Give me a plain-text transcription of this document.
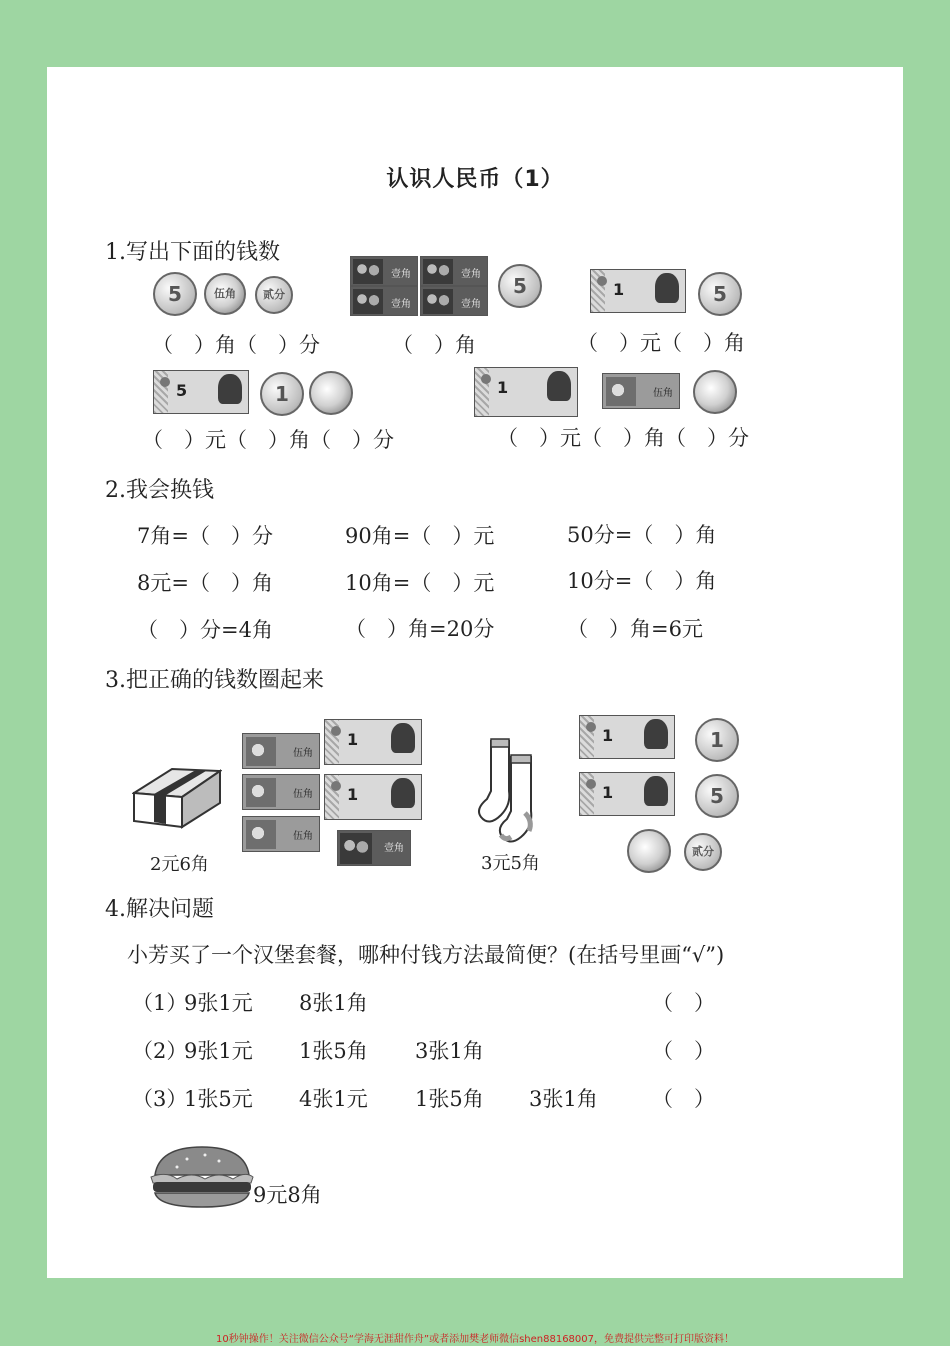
认识人民币（1）
1.写出下面的钱数
5	伍角	贰分
壹角	壹角
壹角	壹角
5	1	5
（　）角（　）分	（　）角	（　）元（　）角
5	1	1	伍角
（　）元（　）角（　）分	（　）元（　）角（　）分
2.我会换钱
7角=（　）分	90角=（　）元	50分=（　）角
8元=（　）角	10角=（　）元	10分=（　）角
（　）分=4角	（　）角=20分	（　）角=6元
3.把正确的钱数圈起来
2元6角
伍角
伍角
伍角
1
1
壹角
3元5角
1
1
1
5
贰分
4.解决问题
小芳买了一个汉堡套餐，哪种付钱方法最简便？(在括号里画“√”)
（1）
9张1元 8张1角	（　）
（2）
9张1元 1张5角 3张1角	（　）
（3）
1张5元 4张1元 1张5角 3张1角	（　）
9元8角
10秒钟操作！关注微信公众号“学海无涯甜作舟”或者添加樊老师微信shen88168007，免费提供完整可打印版资料！
